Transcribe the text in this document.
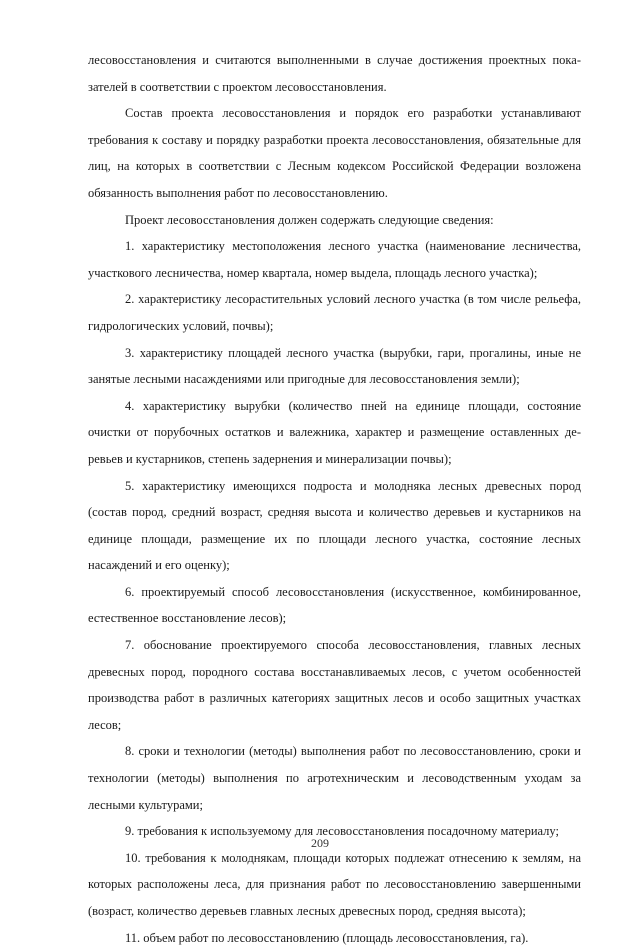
лесовосстановления и считаются выполненными в случае достижения проектных показателей в соответствии с проектом лесовосстановления.

Состав проекта лесовосстановления и порядок его разработки устанавливают требования к составу и порядку разработки проекта лесовосстановления, обязательные для лиц, на которых в соответствии с Лесным кодексом Российской Федерации возложена обязанность выполнения работ по лесовосстановлению.

Проект лесовосстановления должен содержать следующие сведения:

1. характеристику местоположения лесного участка (наименование лесничества, участкового лесничества, номер квартала, номер выдела, площадь лесного участка);

2. характеристику лесорастительных условий лесного участка (в том числе рельефа, гидрологических условий, почвы);

3. характеристику площадей лесного участка (вырубки, гари, прогалины, иные не занятые лесными насаждениями или пригодные для лесовосстановления земли);

4. характеристику вырубки (количество пней на единице площади, состояние очистки от порубочных остатков и валежника, характер и размещение оставленных деревьев и кустарников, степень задернения и минерализации почвы);

5. характеристику имеющихся подроста и молодняка лесных древесных пород (состав пород, средний возраст, средняя высота и количество деревьев и кустарников на единице площади, размещение их по площади лесного участка, состояние лесных насаждений и его оценку);

6. проектируемый способ лесовосстановления (искусственное, комбинированное, естественное восстановление лесов);

7. обоснование проектируемого способа лесовосстановления, главных лесных древесных пород, породного состава восстанавливаемых лесов, с учетом особенностей производства работ в различных категориях защитных лесов и особо защитных участках лесов;

8. сроки и технологии (методы) выполнения работ по лесовосстановлению, сроки и технологии (методы) выполнения по агротехническим и лесоводственным уходам за лесными культурами;

9. требования к используемому для лесовосстановления посадочному материалу;

10. требования к молоднякам, площади которых подлежат отнесению к землям, на которых расположены леса, для признания работ по лесовосстановлению завершенными (возраст, количество деревьев главных лесных древесных пород, средняя высота);

11. объем работ по лесовосстановлению (площадь лесовосстановления, га).

209
